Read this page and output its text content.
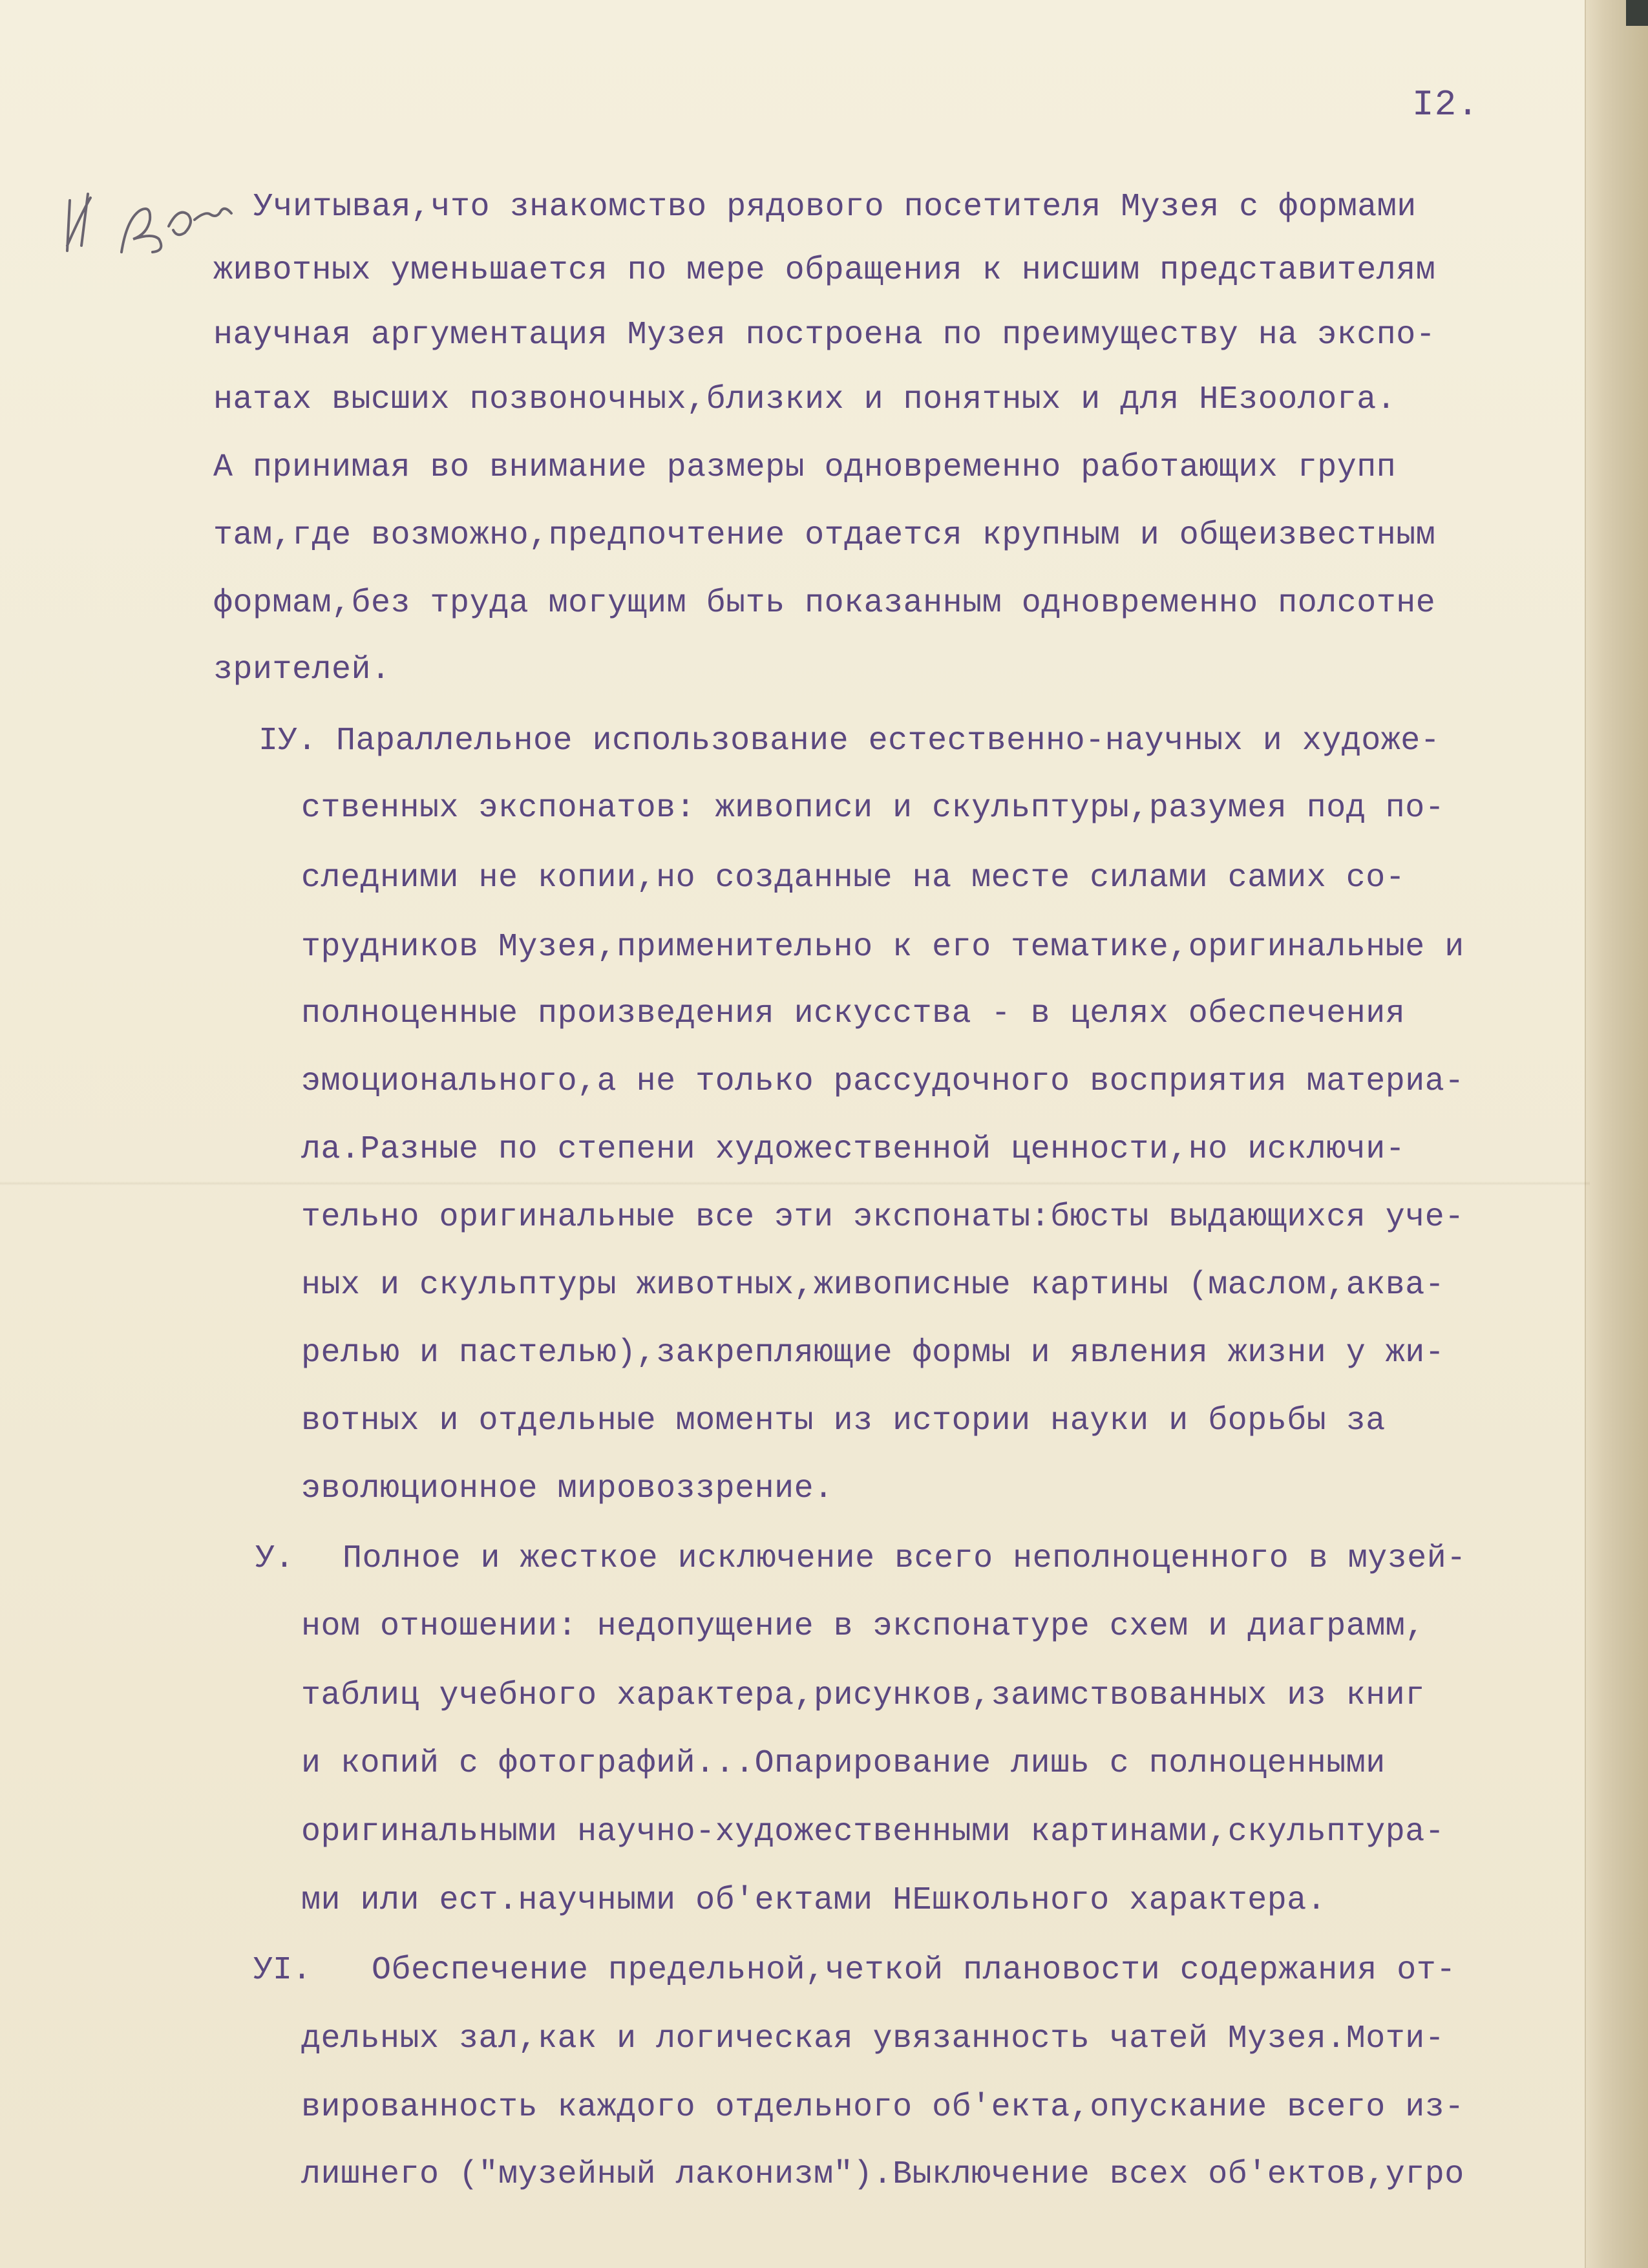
I2.
Учитывая,что знакомство рядового посетителя Музея с формами
животных уменьшается по мере обращения к нисшим представителям
научная аргументация Музея построена по преимуществу на экспо-
натах высших позвоночных,близких и понятных и для НЕзоолога.
А принимая во внимание размеры одновременно работающих групп
там,где возможно,предпочтение отдается крупным и общеизвестным
формам,без труда могущим быть показанным одновременно полсотне
зрителей.
IУ. Параллельное использование естественно-научных и художе-
ственных экспонатов: живописи и скульптуры,разумея под по-
следними не копии,но созданные на месте силами самих со-
трудников Музея,применительно к его тематике,оригинальные и
полноценные произведения искусства - в целях обеспечения
эмоционального,а не только рассудочного восприятия материа-
ла.Разные по степени художественной ценности,но исключи-
тельно оригинальные все эти экспонаты:бюсты выдающихся уче-
ных и скульптуры животных,живописные картины (маслом,аква-
релью и пастелью),закрепляющие формы и явления жизни у жи-
вотных и отдельные моменты из истории науки и борьбы за
эволюционное мировоззрение.
У. Полное и жесткое исключение всего неполноценного в музей-
ном отношении: недопущение в экспонатуре схем и диаграмм,
таблиц учебного характера,рисунков,заимствованных из книг
и копий с фотографий...Опарирование лишь с полноценными
оригинальными научно-художественными картинами,скульптура-
ми или ест.научными об'ектами НЕшкольного характера.
УI. Обеспечение предельной,четкой плановости содержания от-
дельных зал,как и логическая увязанность чатей Музея.Моти-
вированность каждого отдельного об'екта,опускание всего из-
лишнего ("музейный лаконизм").Выключение всех об'ектов,угро
